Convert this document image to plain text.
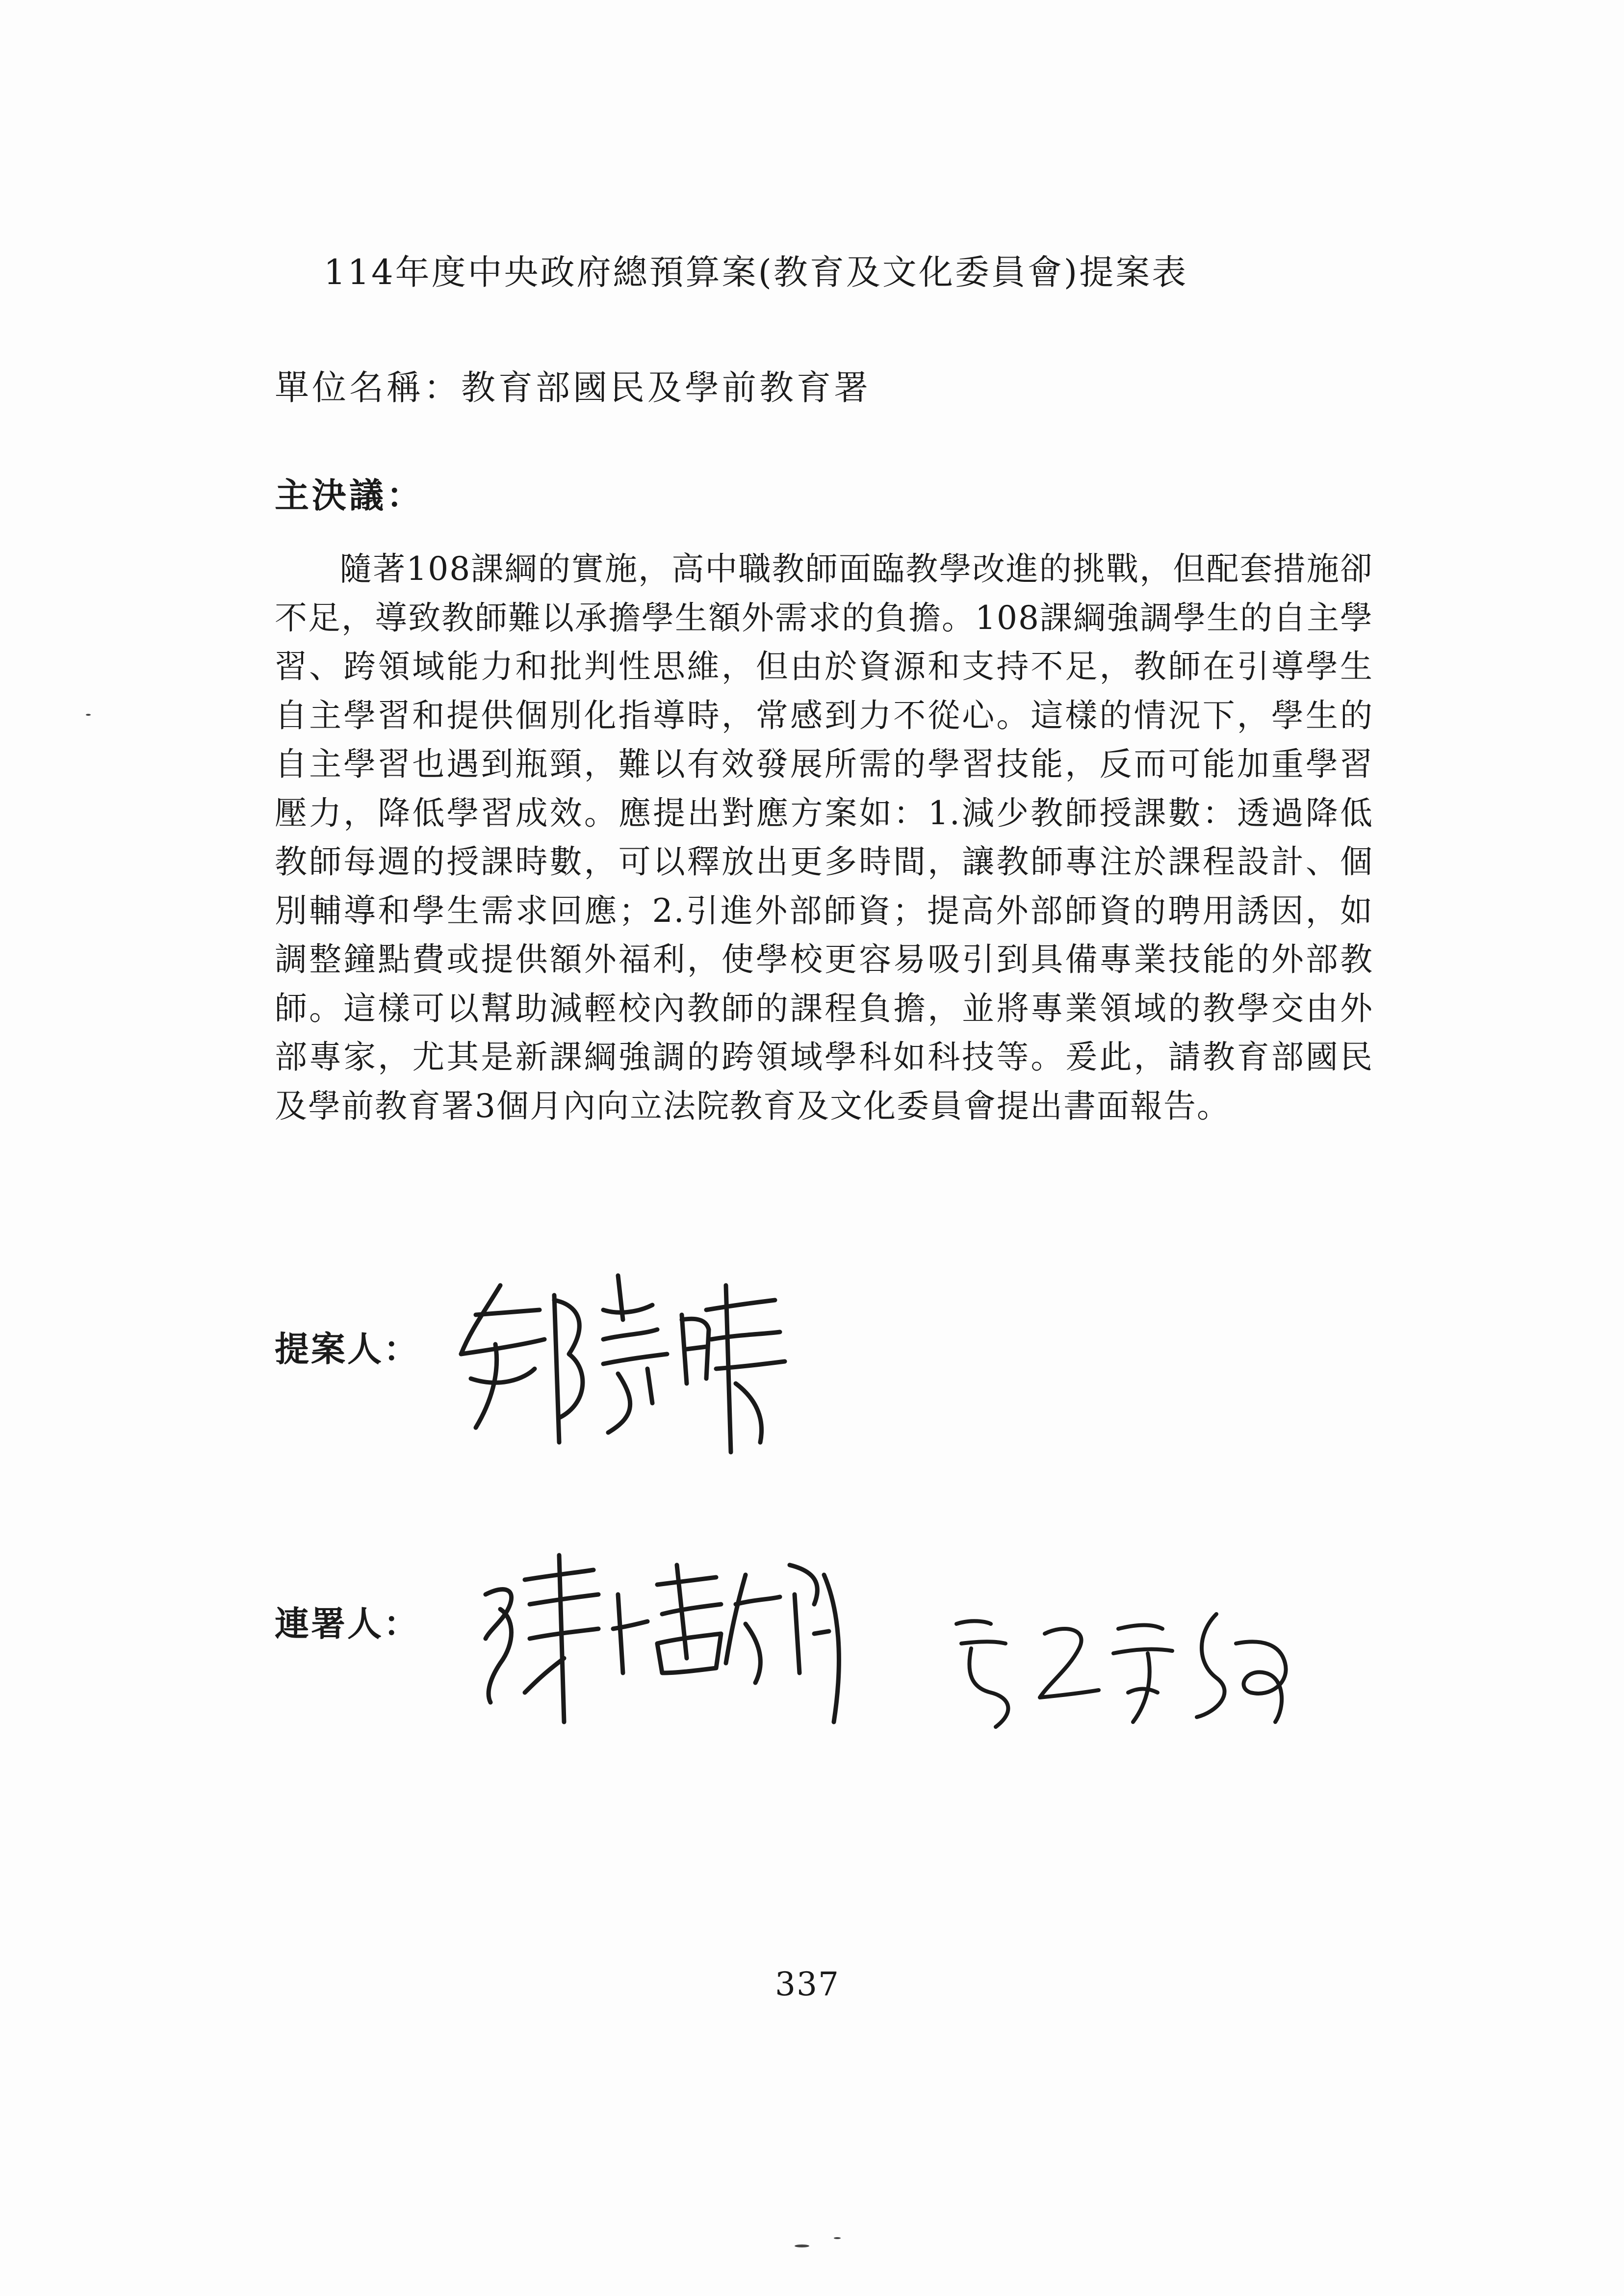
114年度中央政府總預算案(教育及文化委員會)提案表
單位名稱：教育部國民及學前教育署
主決議：

隨著108課綱的實施，高中職教師面臨教學改進的挑戰，但配套措施卻不足，導致教師難以承擔學生額外需求的負擔。108課綱強調學生的自主學習、跨領域能力和批判性思維，但由於資源和支持不足，教師在引導學生自主學習和提供個別化指導時，常感到力不從心。這樣的情況下，學生的自主學習也遇到瓶頸，難以有效發展所需的學習技能，反而可能加重學習壓力，降低學習成效。應提出對應方案如：1.減少教師授課數：透過降低教師每週的授課時數，可以釋放出更多時間，讓教師專注於課程設計、個別輔導和學生需求回應；2.引進外部師資；提高外部師資的聘用誘因，如調整鐘點費或提供額外福利，使學校更容易吸引到具備專業技能的外部教師。這樣可以幫助減輕校內教師的課程負擔，並將專業領域的教學交由外部專家，尤其是新課綱強調的跨領域學科如科技等。爰此，請教育部國民及學前教育署3個月內向立法院教育及文化委員會提出書面報告。

提案人：
連署人：
337
